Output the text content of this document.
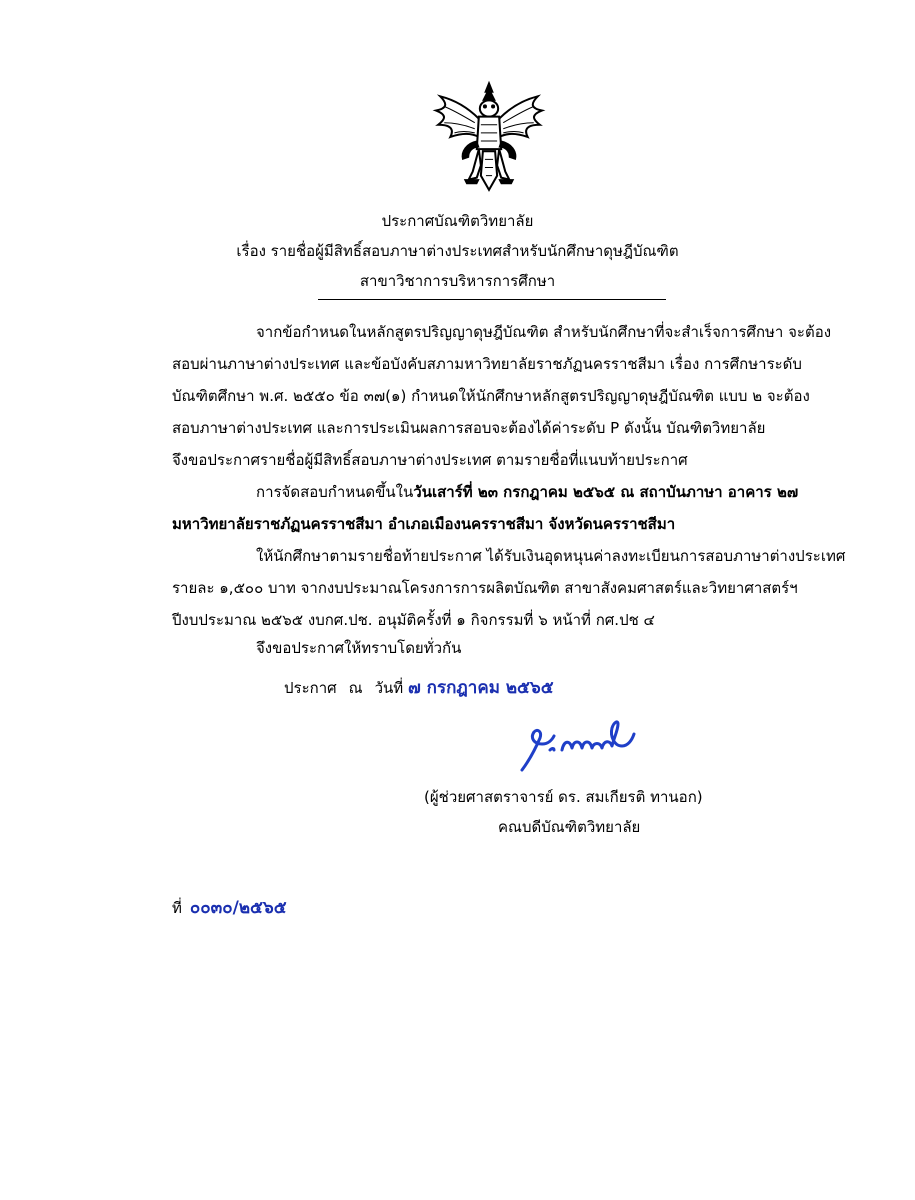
ประกาศบัณฑิตวิทยาลัย
เรื่อง รายชื่อผู้มีสิทธิ์สอบภาษาต่างประเทศสำหรับนักศึกษาดุษฎีบัณฑิต
สาขาวิชาการบริหารการศึกษา
จากข้อกำหนดในหลักสูตรปริญญาดุษฎีบัณฑิต สำหรับนักศึกษาที่จะสำเร็จการศึกษา จะต้อง
สอบผ่านภาษาต่างประเทศ และข้อบังคับสภามหาวิทยาลัยราชภัฏนครราชสีมา เรื่อง การศึกษาระดับ
บัณฑิตศึกษา พ.ศ. ๒๕๕๐ ข้อ ๓๗(๑) กำหนดให้นักศึกษาหลักสูตรปริญญาดุษฎีบัณฑิต แบบ ๒ จะต้อง
สอบภาษาต่างประเทศ และการประเมินผลการสอบจะต้องได้ค่าระดับ P ดังนั้น บัณฑิตวิทยาลัย
จึงขอประกาศรายชื่อผู้มีสิทธิ์สอบภาษาต่างประเทศ ตามรายชื่อที่แนบท้ายประกาศ
การจัดสอบกำหนดขึ้นในวันเสาร์ที่ ๒๓ กรกฎาคม ๒๕๖๕ ณ สถาบันภาษา อาคาร ๒๗
มหาวิทยาลัยราชภัฏนครราชสีมา อำเภอเมืองนครราชสีมา จังหวัดนครราชสีมา
ให้นักศึกษาตามรายชื่อท้ายประกาศ ได้รับเงินอุดหนุนค่าลงทะเบียนการสอบภาษาต่างประเทศ
รายละ ๑,๕๐๐ บาท จากงบประมาณโครงการการผลิตบัณฑิต สาขาสังคมศาสตร์และวิทยาศาสตร์ฯ
ปีงบประมาณ ๒๕๖๕ งบกศ.ปช. อนุมัติครั้งที่ ๑ กิจกรรมที่ ๖ หน้าที่ กศ.ปช ๔
จึงขอประกาศให้ทราบโดยทั่วกัน
ประกาศ ณ วันที่ ๗ กรกฎาคม ๒๕๖๕
(ผู้ช่วยศาสตราจารย์ ดร. สมเกียรติ ทานอก)
คณบดีบัณฑิตวิทยาลัย
ที่ ๐๐๓๐/๒๕๖๕
